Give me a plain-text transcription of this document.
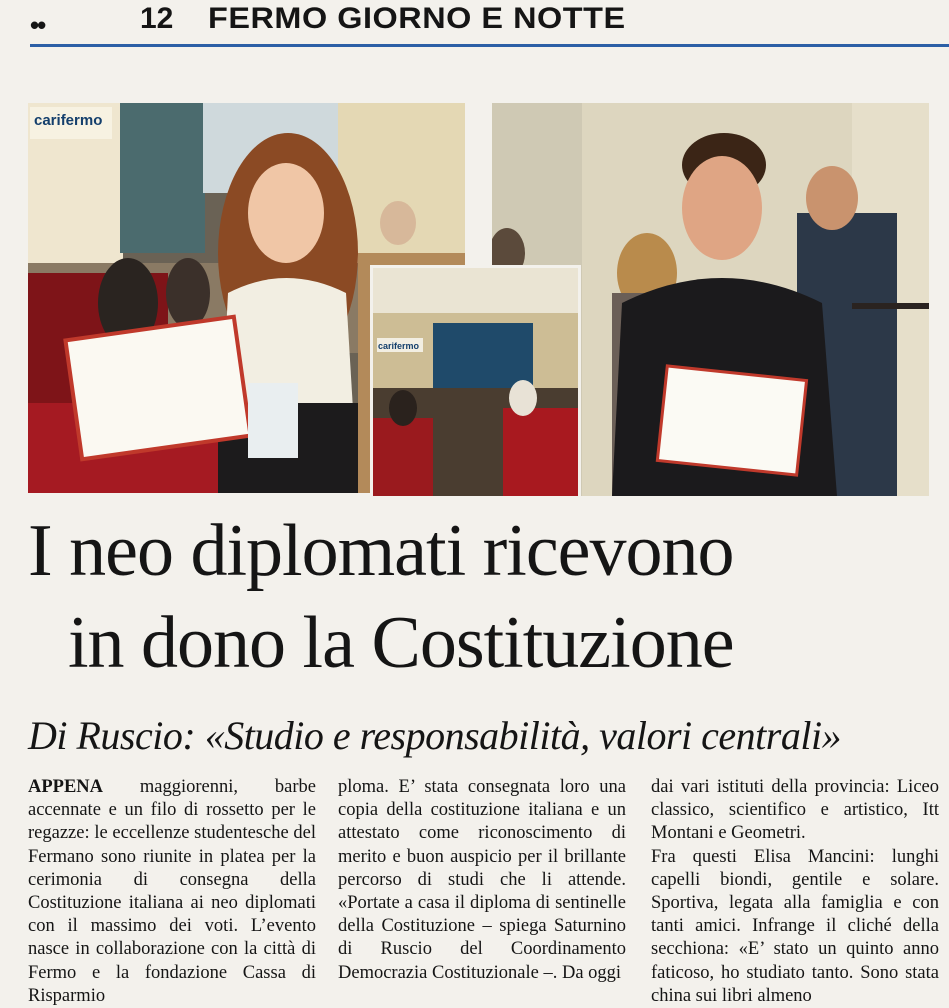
••	12 FERMO GIORNO E NOTTE
carifermo
carifermo
I neo diplomati ricevono
in dono la Costituzione
Di Ruscio: «Studio e responsabilità, valori centrali»

APPENA maggiorenni, barbe accennate e un filo di rossetto per le regazze: le eccellenze studentesche del Fermano sono riunite in platea per la cerimonia di consegna della Costituzione italiana ai neo diplomati con il massimo dei voti. L’evento nasce in collaborazione con la città di Fermo e la fondazione Cassa di Risparmio

ploma. E’ stata consegnata loro una copia della costituzione italiana e un attestato come riconoscimento di merito e buon auspicio per il brillante percorso di studi che li attende. «Portate a casa il diploma di sentinelle della Costituzione – spiega Saturnino di Ruscio del Coordinamento Democrazia Costituzionale –. Da oggi

dai vari istituti della provincia: Liceo classico, scientifico e artistico, Itt Montani e Geometri.

Fra questi Elisa Mancini: lunghi capelli biondi, gentile e solare. Sportiva, legata alla famiglia e con tanti amici. Infrange il cliché della secchiona: «E’ stato un quinto anno faticoso, ho studiato tanto. Sono stata china sui libri almeno
